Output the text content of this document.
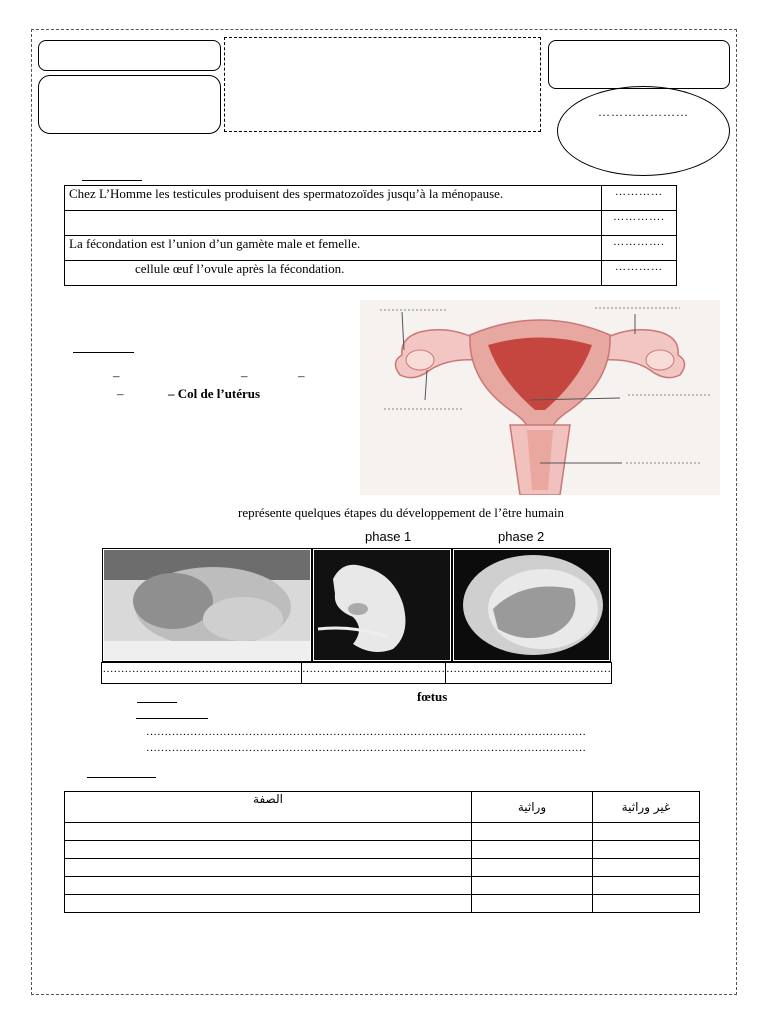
…………………
Chez L’Homme les testicules produisent des spermatozoïdes jusqu’à la ménopause.	…………
	………….
La fécondation est l’union d’un gamète male et femelle.	………….
cellule œuf l’ovule après la fécondation.	…………
–	–	–
–	– Col de l’utérus
représente quelques étapes du développement de l’être humain
phase 1	phase 2
………………………………………………	…………………………………	………………………………………
fœtus
…………………………………………………………………………………………………………
…………………………………………………………………………………………………………
الصفة	وراثية	غير وراثية
